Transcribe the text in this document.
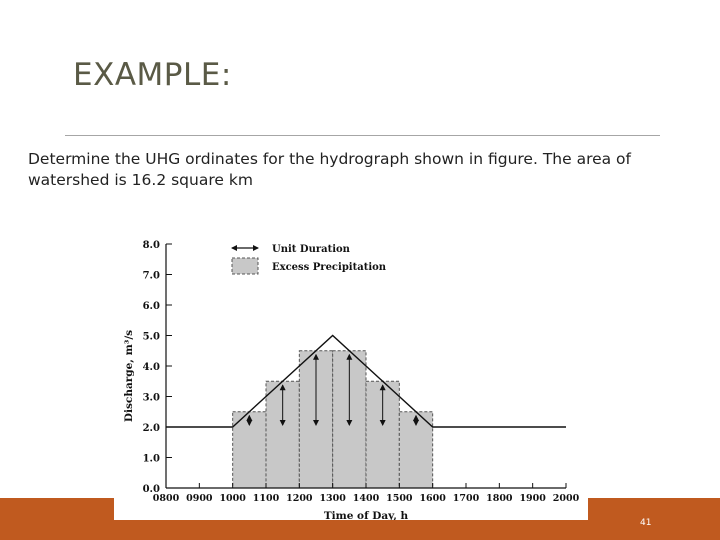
EXAMPLE:
Determine the UHG ordinates for the hydrograph shown in figure. The area of watershed is 16.2 square km
41
0.0
1.0
2.0
3.0
4.0
5.0
6.0
7.0
8.0
0800 0900 1000 1100 1200 1300 1400 1500 1600 1700 1800 1900 2000
Time of Day, h
Discharge, m³/s
Unit Duration
Excess Precipitation
